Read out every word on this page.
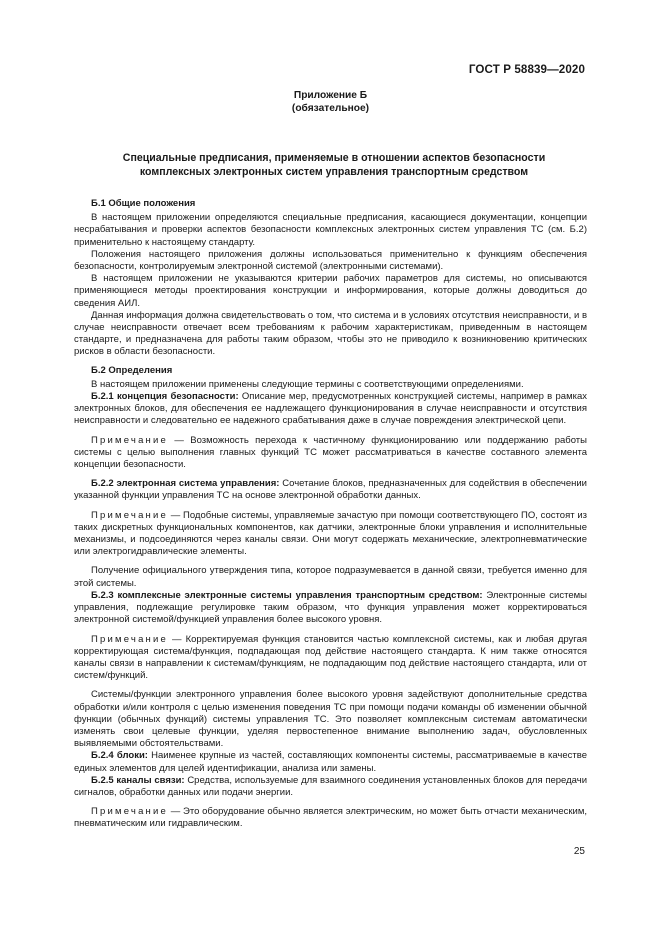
ГОСТ Р 58839—2020
Приложение Б
(обязательное)
Специальные предписания, применяемые в отношении аспектов безопасности
комплексных электронных систем управления транспортным средством
Б.1 Общие положения

В настоящем приложении определяются специальные предписания, касающиеся документации, концепции несрабатывания и проверки аспектов безопасности комплексных электронных систем управления ТС (см. Б.2) применительно к настоящему стандарту.

Положения настоящего приложения должны использоваться применительно к функциям обеспечения безопасности, контролируемым электронной системой (электронными системами).

В настоящем приложении не указываются критерии рабочих параметров для системы, но описываются применяющиеся методы проектирования конструкции и информирования, которые должны доводиться до сведения АИЛ.

Данная информация должна свидетельствовать о том, что система и в условиях отсутствия неисправности, и в случае неисправности отвечает всем требованиям к рабочим характеристикам, приведенным в настоящем стандарте, и предназначена для работы таким образом, чтобы это не приводило к возникновению критических рисков в области безопасности.

Б.2 Определения

В настоящем приложении применены следующие термины с соответствующими определениями.

Б.2.1 концепция безопасности: Описание мер, предусмотренных конструкцией системы, например в рамках электронных блоков, для обеспечения ее надлежащего функционирования в случае неисправности и отсутствия неисправности и следовательно ее надежного срабатывания даже в случае повреждения электрической цепи.

Примечание — Возможность перехода к частичному функционированию или поддержанию работы системы с целью выполнения главных функций ТС может рассматриваться в качестве составного элемента концепции безопасности.

Б.2.2 электронная система управления: Сочетание блоков, предназначенных для содействия в обеспечении указанной функции управления ТС на основе электронной обработки данных.

Примечание — Подобные системы, управляемые зачастую при помощи соответствующего ПО, состоят из таких дискретных функциональных компонентов, как датчики, электронные блоки управления и исполнительные механизмы, и подсоединяются через каналы связи. Они могут содержать механические, электропневматические или электрогидравлические элементы.

Получение официального утверждения типа, которое подразумевается в данной связи, требуется именно для этой системы.

Б.2.3 комплексные электронные системы управления транспортным средством: Электронные системы управления, подлежащие регулировке таким образом, что функция управления может корректироваться электронной системой/функцией управления более высокого уровня.

Примечание — Корректируемая функция становится частью комплексной системы, как и любая другая корректирующая система/функция, подпадающая под действие настоящего стандарта. К ним также относятся каналы связи в направлении к системам/функциям, не подпадающим под действие настоящего стандарта, или от систем/функций.

Системы/функции электронного управления более высокого уровня задействуют дополнительные средства обработки и/или контроля с целью изменения поведения ТС при помощи подачи команды об изменении обычной функции (обычных функций) системы управления ТС. Это позволяет комплексным системам автоматически изменять свои целевые функции, уделяя первостепенное внимание выполнению задач, обусловленных выявляемыми обстоятельствами.

Б.2.4 блоки: Наименее крупные из частей, составляющих компоненты системы, рассматриваемые в качестве единых элементов для целей идентификации, анализа или замены.

Б.2.5 каналы связи: Средства, используемые для взаимного соединения установленных блоков для передачи сигналов, обработки данных или подачи энергии.

Примечание — Это оборудование обычно является электрическим, но может быть отчасти механическим, пневматическим или гидравлическим.

25
